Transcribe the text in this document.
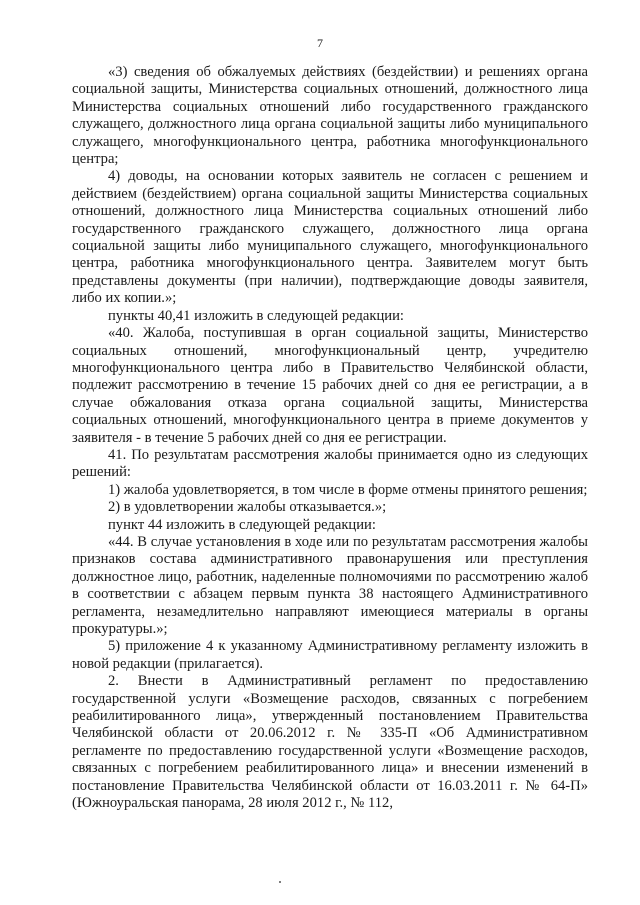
7

«3) сведения об обжалуемых действиях (бездействии) и решениях органа социальной защиты, Министерства социальных отношений, должностного лица Министерства социальных отношений либо государственного гражданского служащего, должностного лица органа социальной защиты либо муниципального служащего, многофункционального центра, работника многофункционального центра;

4) доводы, на основании которых заявитель не согласен с решением и действием (бездействием) органа социальной защиты Министерства социальных отношений, должностного лица Министерства социальных отношений либо государственного гражданского служащего, должностного лица органа социальной защиты либо муниципального служащего, многофункционального центра, работника многофункционального центра. Заявителем могут быть представлены документы (при наличии), подтверждающие доводы заявителя, либо их копии.»;

пункты 40,41 изложить в следующей редакции:

«40. Жалоба, поступившая в орган социальной защиты, Министерство социальных отношений, многофункциональный центр, учредителю многофункционального центра либо в Правительство Челябинской области, подлежит рассмотрению в течение 15 рабочих дней со дня ее регистрации, а в случае обжалования отказа органа социальной защиты, Министерства социальных отношений, многофункционального центра в приеме документов у заявителя - в течение 5 рабочих дней со дня ее регистрации.

41. По результатам рассмотрения жалобы принимается одно из следующих решений:

1) жалоба удовлетворяется, в том числе в форме отмены принятого решения;

2) в удовлетворении жалобы отказывается.»;

пункт 44 изложить в следующей редакции:

«44. В случае установления в ходе или по результатам рассмотрения жалобы признаков состава административного правонарушения или преступления должностное лицо, работник, наделенные полномочиями по рассмотрению жалоб в соответствии с абзацем первым пункта 38 настоящего Административного регламента, незамедлительно направляют имеющиеся материалы в органы прокуратуры.»;

5) приложение 4 к указанному Административному регламенту изложить в новой редакции (прилагается).

2. Внести в Административный регламент по предоставлению государственной услуги «Возмещение расходов, связанных с погребением реабилитированного лица», утвержденный постановлением Правительства Челябинской области от 20.06.2012 г. № 335-П «Об Административном регламенте по предоставлению государственной услуги «Возмещение расходов, связанных с погребением реабилитированного лица» и внесении изменений в постановление Правительства Челябинской области от 16.03.2011 г. № 64-П» (Южноуральская панорама, 28 июля 2012 г., № 112,
